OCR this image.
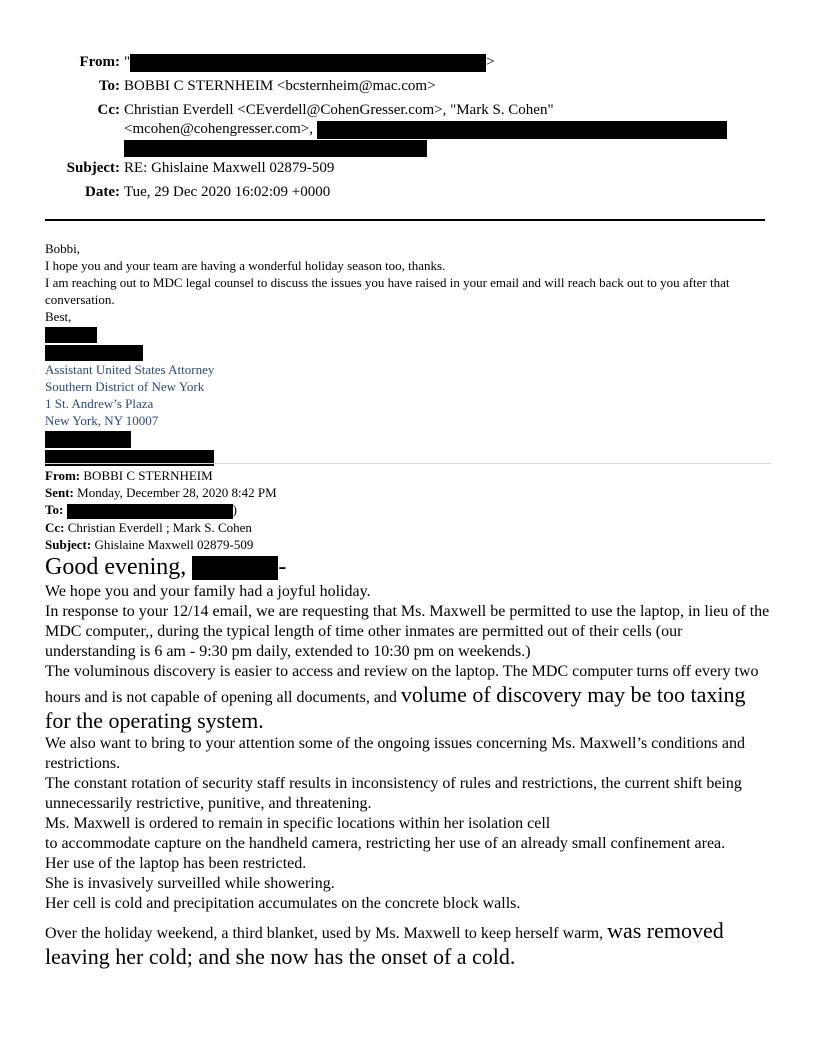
From: "	>
To: BOBBI C STERNHEIM <bcsternheim@mac.com>
Cc: Christian Everdell <CEverdell@CohenGresser.com>, "Mark S. Cohen"
<mcohen@cohengresser.com>,
Subject: RE: Ghislaine Maxwell 02879-509
Date: Tue, 29 Dec 2020 16:02:09 +0000

Bobbi,

I hope you and your team are having a wonderful holiday season too, thanks.

I am reaching out to MDC legal counsel to discuss the issues you have raised in your email and will reach back out to you after that conversation.

Best,

Assistant United States Attorney

Southern District of New York

1 St. Andrew’s Plaza

New York, NY 10007

From: BOBBI C STERNHEIM

Sent: Monday, December 28, 2020 8:42 PM

To:	)

Cc: Christian Everdell ; Mark S. Cohen

Subject: Ghislaine Maxwell 02879-509

Good evening,	-

We hope you and your family had a joyful holiday.

In response to your 12/14 email, we are requesting that Ms. Maxwell be permitted to use the laptop, in lieu of the MDC computer,, during the typical length of time other inmates are permitted out of their cells (our understanding is 6 am - 9:30 pm daily, extended to 10:30 pm on weekends.)

The voluminous discovery is easier to access and review on the laptop. The MDC computer turns off every two hours and is not capable of opening all documents, and volume of discovery may be too taxing for the operating system.

We also want to bring to your attention some of the ongoing issues concerning Ms. Maxwell’s conditions and restrictions.

The constant rotation of security staff results in inconsistency of rules and restrictions, the current shift being unnecessarily restrictive, punitive, and threatening.

Ms. Maxwell is ordered to remain in specific locations within her isolation cell

to accommodate capture on the handheld camera, restricting her use of an already small confinement area.

Her use of the laptop has been restricted.

She is invasively surveilled while showering.

Her cell is cold and precipitation accumulates on the concrete block walls.

Over the holiday weekend, a third blanket, used by Ms. Maxwell to keep herself warm, was removed leaving her cold; and she now has the onset of a cold.
